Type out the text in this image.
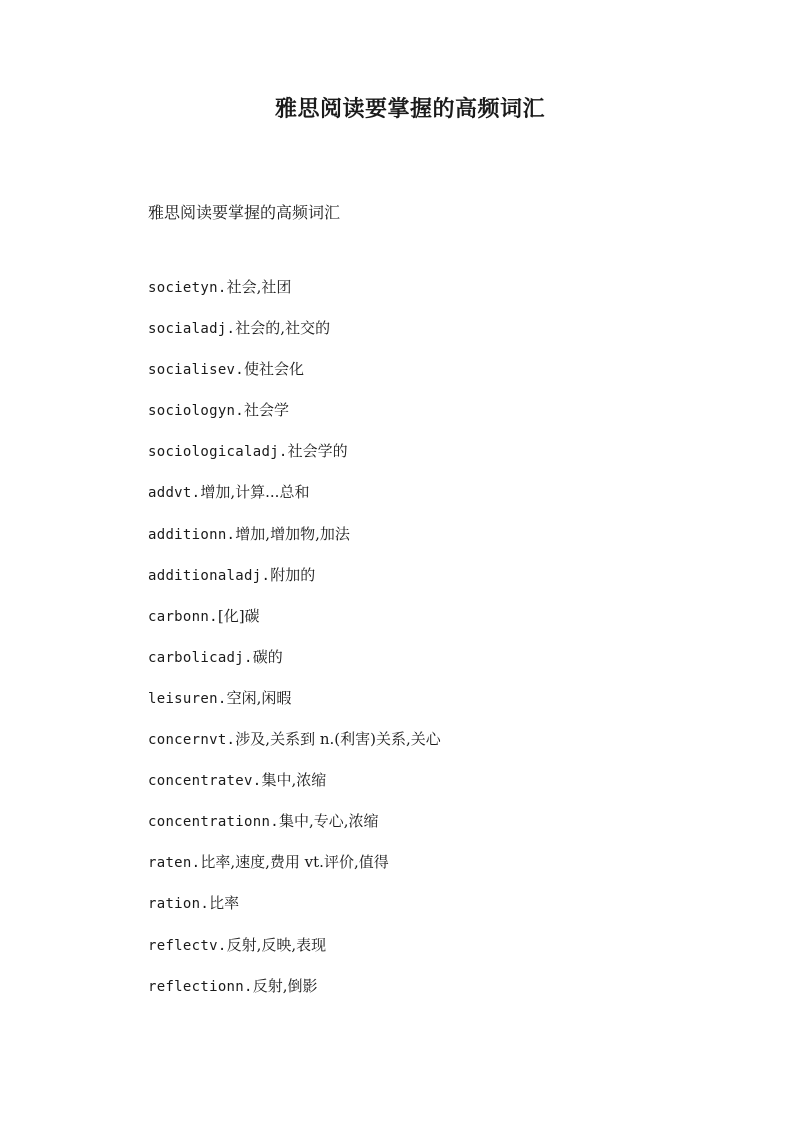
雅思阅读要掌握的高频词汇

雅思阅读要掌握的高频词汇

societyn.社会,社团
socialadj.社会的,社交的
socialisev.使社会化
sociologyn.社会学
sociologicaladj.社会学的
addvt.增加,计算...总和
additionn.增加,增加物,加法
additionaladj.附加的
carbonn.[化]碳
carbolicadj.碳的
leisuren.空闲,闲暇
concernvt.涉及,关系到 n.(利害)关系,关心
concentratev.集中,浓缩
concentrationn.集中,专心,浓缩
raten.比率,速度,费用 vt.评价,值得
ration.比率
reflectv.反射,反映,表现
reflectionn.反射,倒影
